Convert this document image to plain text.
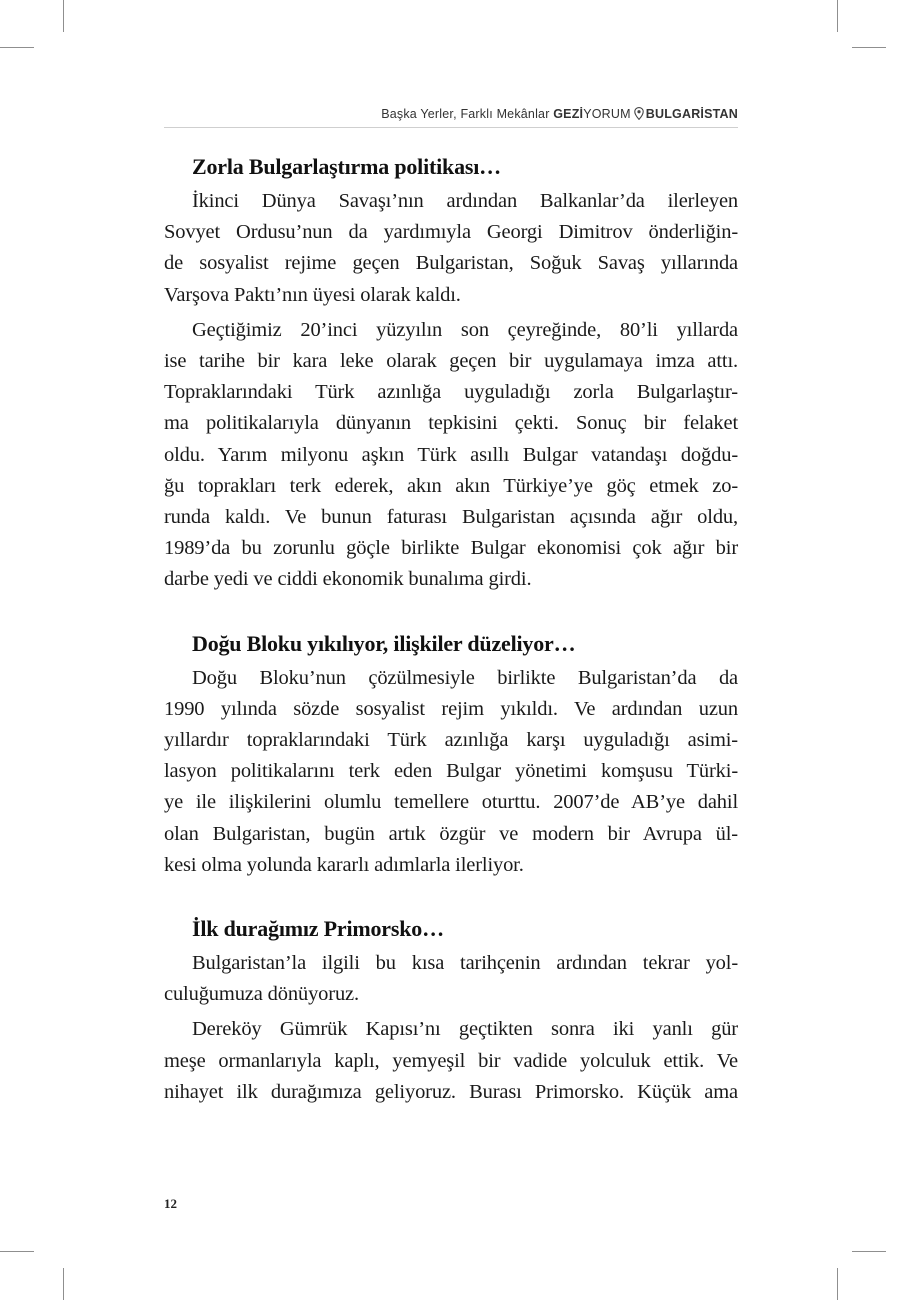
Başka Yerler, Farklı Mekânlar GEZİYORUM BULGARİSTAN
Zorla Bulgarlaştırma politikası…

İkinci Dünya Savaşı’nın ardından Balkanlar’da ilerleyen
Sovyet Ordusu’nun da yardımıyla Georgi Dimitrov önderliğin-
de sosyalist rejime geçen Bulgaristan, Soğuk Savaş yıllarında
Varşova Paktı’nın üyesi olarak kaldı.

Geçtiğimiz 20’inci yüzyılın son çeyreğinde, 80’li yıllarda
ise tarihe bir kara leke olarak geçen bir uygulamaya imza attı.
Topraklarındaki Türk azınlığa uyguladığı zorla Bulgarlaştır-
ma politikalarıyla dünyanın tepkisini çekti. Sonuç bir felaket
oldu. Yarım milyonu aşkın Türk asıllı Bulgar vatandaşı doğdu-
ğu toprakları terk ederek, akın akın Türkiye’ye göç etmek zo-
runda kaldı. Ve bunun faturası Bulgaristan açısında ağır oldu,
1989’da bu zorunlu göçle birlikte Bulgar ekonomisi çok ağır bir
darbe yedi ve ciddi ekonomik bunalıma girdi.

Doğu Bloku yıkılıyor, ilişkiler düzeliyor…

Doğu Bloku’nun çözülmesiyle birlikte Bulgaristan’da da
1990 yılında sözde sosyalist rejim yıkıldı. Ve ardından uzun
yıllardır topraklarındaki Türk azınlığa karşı uyguladığı asimi-
lasyon politikalarını terk eden Bulgar yönetimi komşusu Türki-
ye ile ilişkilerini olumlu temellere oturttu. 2007’de AB’ye dahil
olan Bulgaristan, bugün artık özgür ve modern bir Avrupa ül-
kesi olma yolunda kararlı adımlarla ilerliyor.

İlk durağımız Primorsko…

Bulgaristan’la ilgili bu kısa tarihçenin ardından tekrar yol-
culuğumuza dönüyoruz.

Dereköy Gümrük Kapısı’nı geçtikten sonra iki yanlı gür
meşe ormanlarıyla kaplı, yemyeşil bir vadide yolculuk ettik. Ve
nihayet ilk durağımıza geliyoruz. Burası Primorsko. Küçük ama

12
